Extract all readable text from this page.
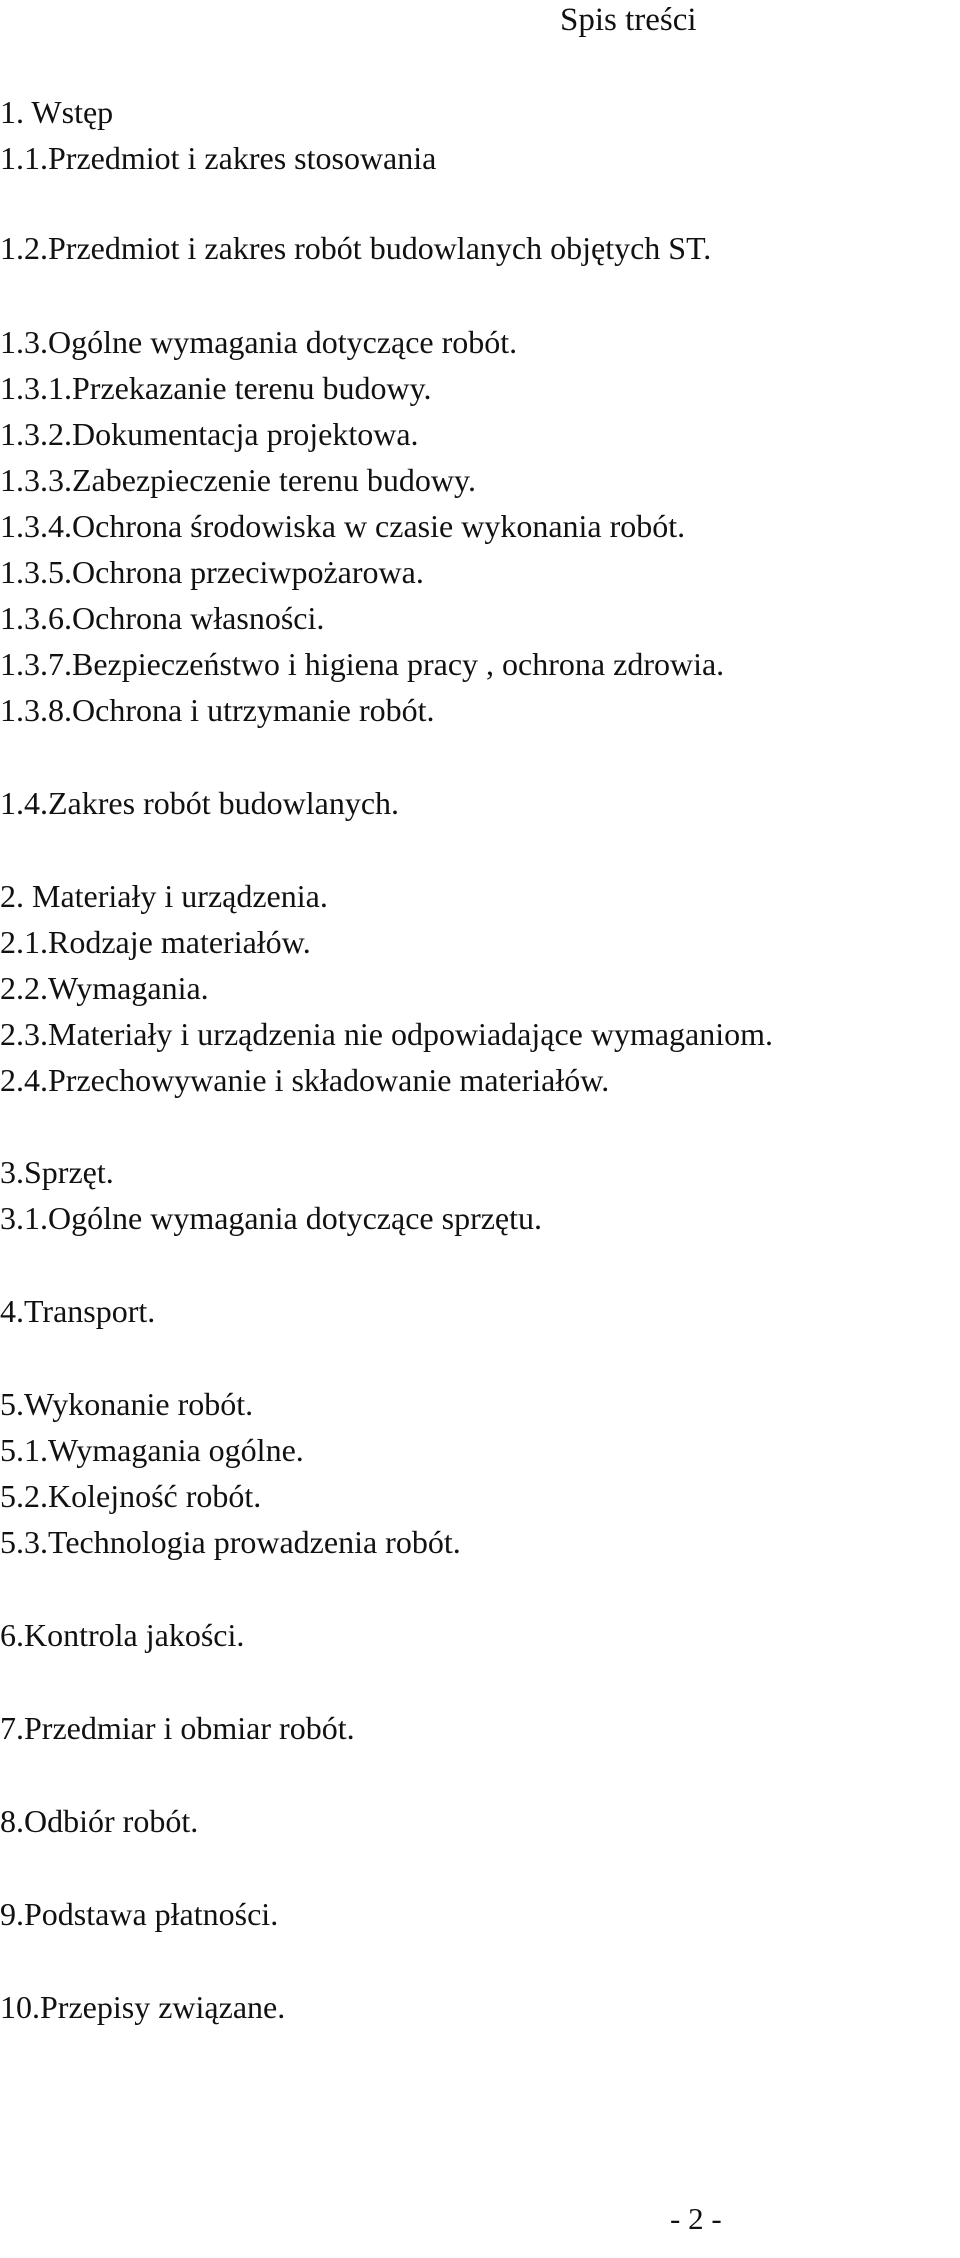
Spis treści
1. Wstęp
1.1.Przedmiot i zakres stosowania
1.2.Przedmiot i zakres robót budowlanych objętych ST.
1.3.Ogólne wymagania dotyczące robót.
1.3.1.Przekazanie terenu budowy.
1.3.2.Dokumentacja projektowa.
1.3.3.Zabezpieczenie terenu budowy.
1.3.4.Ochrona środowiska w czasie wykonania robót.
1.3.5.Ochrona przeciwpożarowa.
1.3.6.Ochrona własności.
1.3.7.Bezpieczeństwo i higiena pracy , ochrona zdrowia.
1.3.8.Ochrona i utrzymanie robót.
1.4.Zakres robót budowlanych.
2. Materiały i urządzenia.
2.1.Rodzaje materiałów.
2.2.Wymagania.
2.3.Materiały i urządzenia nie odpowiadające wymaganiom.
2.4.Przechowywanie i składowanie materiałów.
3.Sprzęt.
3.1.Ogólne wymagania dotyczące sprzętu.
4.Transport.
5.Wykonanie robót.
5.1.Wymagania ogólne.
5.2.Kolejność robót.
5.3.Technologia prowadzenia robót.
6.Kontrola jakości.
7.Przedmiar i obmiar robót.
8.Odbiór robót.
9.Podstawa płatności.
10.Przepisy związane.
- 2 -
